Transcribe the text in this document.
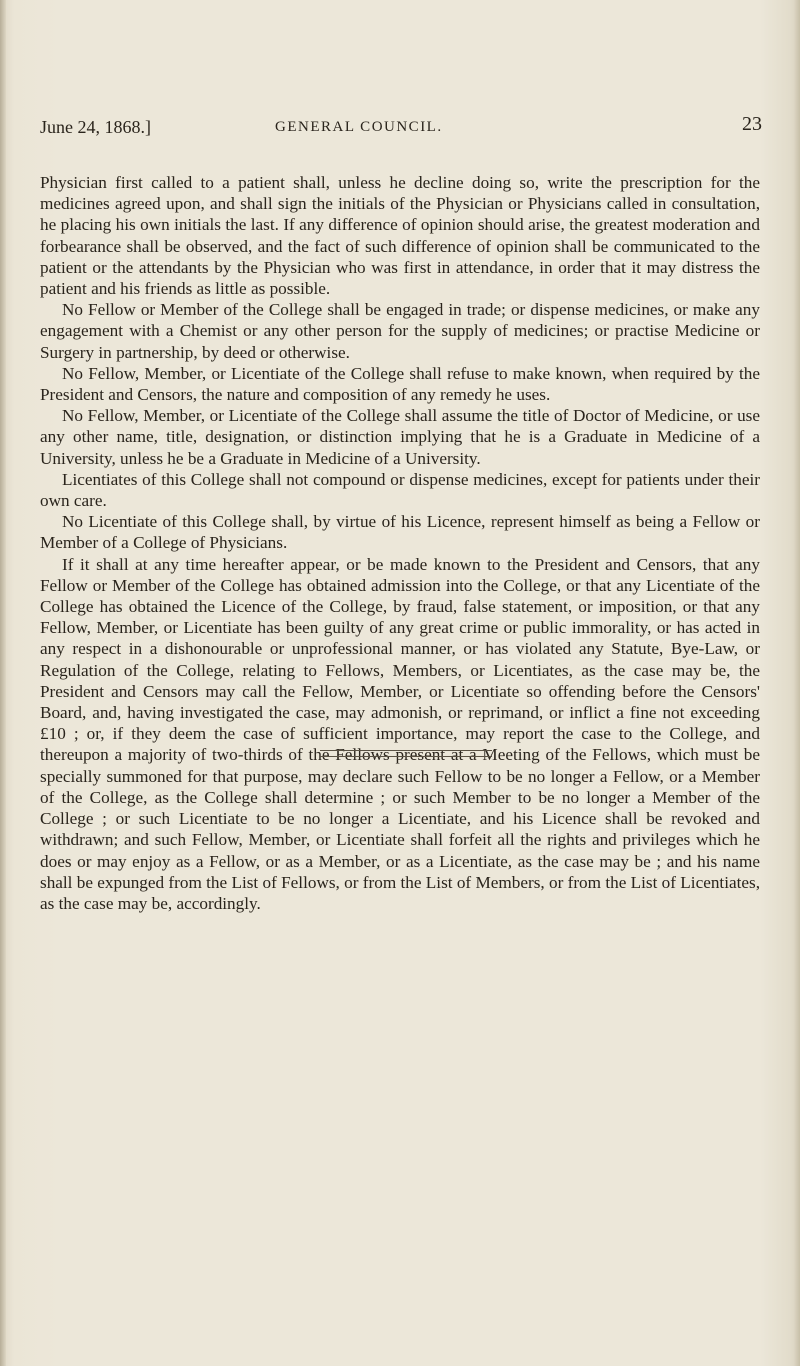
June 24, 1868.]	GENERAL COUNCIL.	23

Physician first called to a patient shall, unless he decline doing so, write the prescription for the medicines agreed upon, and shall sign the initials of the Physician or Physicians called in consultation, he placing his own initials the last. If any difference of opinion should arise, the greatest moderation and forbearance shall be observed, and the fact of such difference of opinion shall be communicated to the patient or the attendants by the Physician who was first in attendance, in order that it may distress the patient and his friends as little as possible.

No Fellow or Member of the College shall be engaged in trade; or dispense medicines, or make any engagement with a Chemist or any other person for the supply of medicines; or practise Medicine or Surgery in partnership, by deed or otherwise.

No Fellow, Member, or Licentiate of the College shall refuse to make known, when required by the President and Censors, the nature and composition of any remedy he uses.

No Fellow, Member, or Licentiate of the College shall assume the title of Doctor of Medicine, or use any other name, title, designation, or distinction implying that he is a Graduate in Medicine of a University, unless he be a Graduate in Medicine of a University.

Licentiates of this College shall not compound or dispense medicines, except for patients under their own care.

No Licentiate of this College shall, by virtue of his Licence, represent himself as being a Fellow or Member of a College of Physicians.

If it shall at any time hereafter appear, or be made known to the President and Censors, that any Fellow or Member of the College has obtained admission into the College, or that any Licentiate of the College has obtained the Licence of the College, by fraud, false statement, or imposition, or that any Fellow, Member, or Licentiate has been guilty of any great crime or public immorality, or has acted in any respect in a dishonourable or unprofessional manner, or has violated any Statute, Bye-Law, or Regulation of the College, relating to Fellows, Members, or Licentiates, as the case may be, the President and Censors may call the Fellow, Member, or Licentiate so offending before the Censors' Board, and, having investigated the case, may admonish, or reprimand, or inflict a fine not exceeding £10 ; or, if they deem the case of sufficient importance, may report the case to the College, and thereupon a majority of two-thirds of the Fellows present at a Meeting of the Fellows, which must be specially summoned for that purpose, may declare such Fellow to be no longer a Fellow, or a Member of the College, as the College shall determine ; or such Member to be no longer a Member of the College ; or such Licentiate to be no longer a Licentiate, and his Licence shall be revoked and withdrawn; and such Fellow, Member, or Licentiate shall forfeit all the rights and privileges which he does or may enjoy as a Fellow, or as a Member, or as a Licentiate, as the case may be ; and his name shall be expunged from the List of Fellows, or from the List of Members, or from the List of Licentiates, as the case may be, accordingly.
